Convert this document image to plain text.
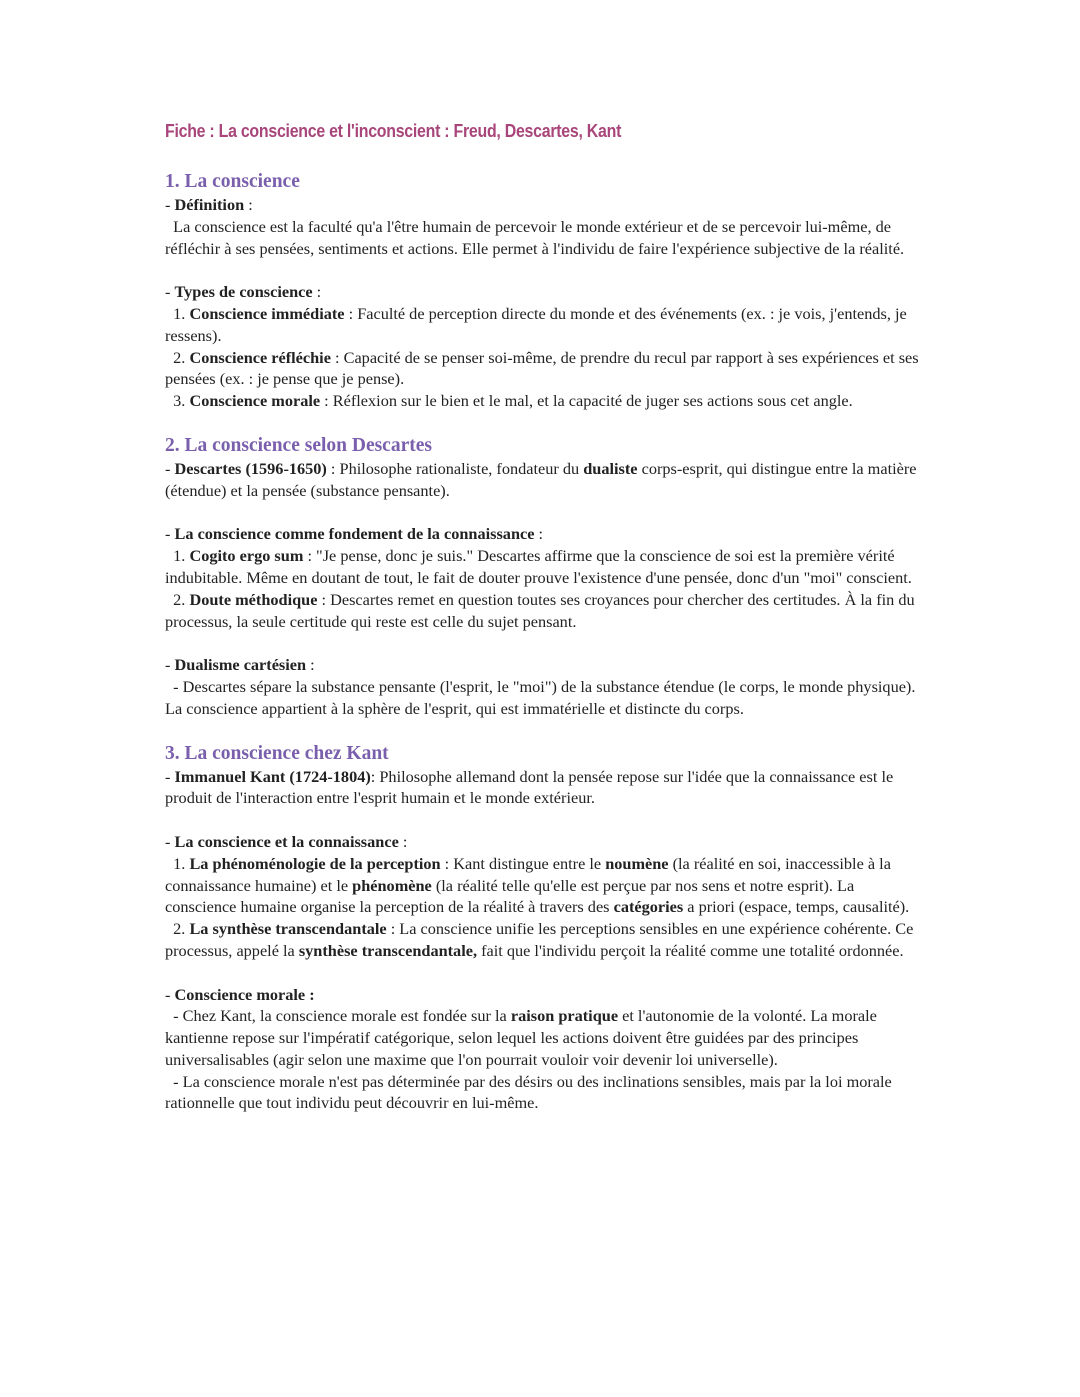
Fiche : La conscience et l'inconscient : Freud, Descartes, Kant
1. La conscience

- Définition :

La conscience est la faculté qu'a l'être humain de percevoir le monde extérieur et de se percevoir lui-même, de réfléchir à ses pensées, sentiments et actions. Elle permet à l'individu de faire l'expérience subjective de la réalité.

- Types de conscience :

1. Conscience immédiate : Faculté de perception directe du monde et des événements (ex. : je vois, j'entends, je ressens).

2. Conscience réfléchie : Capacité de se penser soi-même, de prendre du recul par rapport à ses expériences et ses pensées (ex. : je pense que je pense).

3. Conscience morale : Réflexion sur le bien et le mal, et la capacité de juger ses actions sous cet angle.

2. La conscience selon Descartes

- Descartes (1596-1650) : Philosophe rationaliste, fondateur du dualiste corps-esprit, qui distingue entre la matière (étendue) et la pensée (substance pensante).

- La conscience comme fondement de la connaissance :

1. Cogito ergo sum : "Je pense, donc je suis." Descartes affirme que la conscience de soi est la première vérité indubitable. Même en doutant de tout, le fait de douter prouve l'existence d'une pensée, donc d'un "moi" conscient.

2. Doute méthodique : Descartes remet en question toutes ses croyances pour chercher des certitudes. À la fin du processus, la seule certitude qui reste est celle du sujet pensant.

- Dualisme cartésien :

- Descartes sépare la substance pensante (l'esprit, le "moi") de la substance étendue (le corps, le monde physique). La conscience appartient à la sphère de l'esprit, qui est immatérielle et distincte du corps.

3. La conscience chez Kant

- Immanuel Kant (1724-1804): Philosophe allemand dont la pensée repose sur l'idée que la connaissance est le produit de l'interaction entre l'esprit humain et le monde extérieur.

- La conscience et la connaissance :

1. La phénoménologie de la perception : Kant distingue entre le noumène (la réalité en soi, inaccessible à la connaissance humaine) et le phénomène (la réalité telle qu'elle est perçue par nos sens et notre esprit). La conscience humaine organise la perception de la réalité à travers des catégories a priori (espace, temps, causalité).

2. La synthèse transcendantale : La conscience unifie les perceptions sensibles en une expérience cohérente. Ce processus, appelé la synthèse transcendantale, fait que l'individu perçoit la réalité comme une totalité ordonnée.

- Conscience morale :

- Chez Kant, la conscience morale est fondée sur la raison pratique et l'autonomie de la volonté. La morale kantienne repose sur l'impératif catégorique, selon lequel les actions doivent être guidées par des principes universalisables (agir selon une maxime que l'on pourrait vouloir voir devenir loi universelle).

- La conscience morale n'est pas déterminée par des désirs ou des inclinations sensibles, mais par la loi morale rationnelle que tout individu peut découvrir en lui-même.
